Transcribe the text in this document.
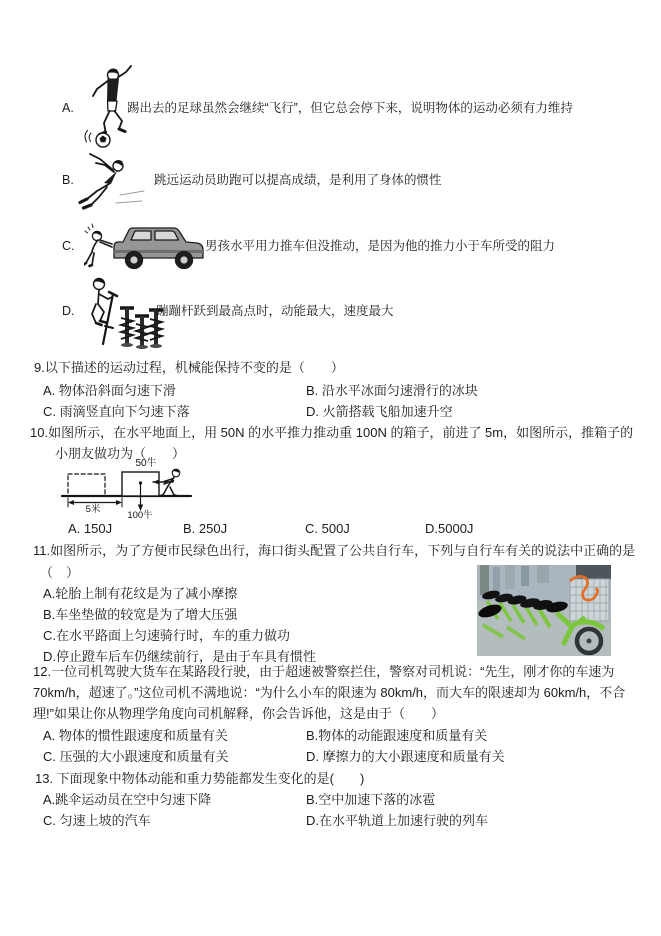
A.	踢出去的足球虽然会继续“飞行”，但它总会停下来，说明物体的运动必须有力维持
B.	跳远运动员助跑可以提高成绩，是利用了身体的惯性
C.	男孩水平用力推车但没推动，是因为他的推力小于车所受的阻力
D.	蹦蹦杆跃到最高点时，动能最大，速度最大
9.以下描述的运动过程，机械能保持不变的是（　　）
A. 物体沿斜面匀速下滑	B. 沿水平冰面匀速滑行的冰块
C. 雨滴竖直向下匀速下落	D. 火箭搭载飞船加速升空
10.如图所示，在水平地面上，用 50N 的水平推力推动重 100N 的箱子，前进了 5m，如图所示，推箱子的
小朋友做功为（　　）
50牛
100牛
5米
A. 150J	B. 250J	C. 500J	D.5000J
11.如图所示，为了方便市民绿色出行，海口街头配置了公共自行车，下列与自行车有关的说法中正确的是
（　）
A.轮胎上制有花纹是为了减小摩擦
B.车坐垫做的较宽是为了增大压强
C.在水平路面上匀速骑行时，车的重力做功
D.停止蹬车后车仍继续前行，是由于车具有惯性
12.一位司机驾驶大货车在某路段行驶，由于超速被警察拦住，警察对司机说：“先生，刚才你的车速为
70km/h，超速了。”这位司机不满地说：“为什么小车的限速为 80km/h，而大车的限速却为 60km/h，不合
理!”如果让你从物理学角度向司机解释，你会告诉他，这是由于（　　）
A. 物体的惯性跟速度和质量有关	B.物体的动能跟速度和质量有关
C. 压强的大小跟速度和质量有关	D. 摩擦力的大小跟速度和质量有关
13. 下面现象中物体动能和重力势能都发生变化的是(　　)
A.跳伞运动员在空中匀速下降	B.空中加速下落的冰雹
C. 匀速上坡的汽车	D.在水平轨道上加速行驶的列车
